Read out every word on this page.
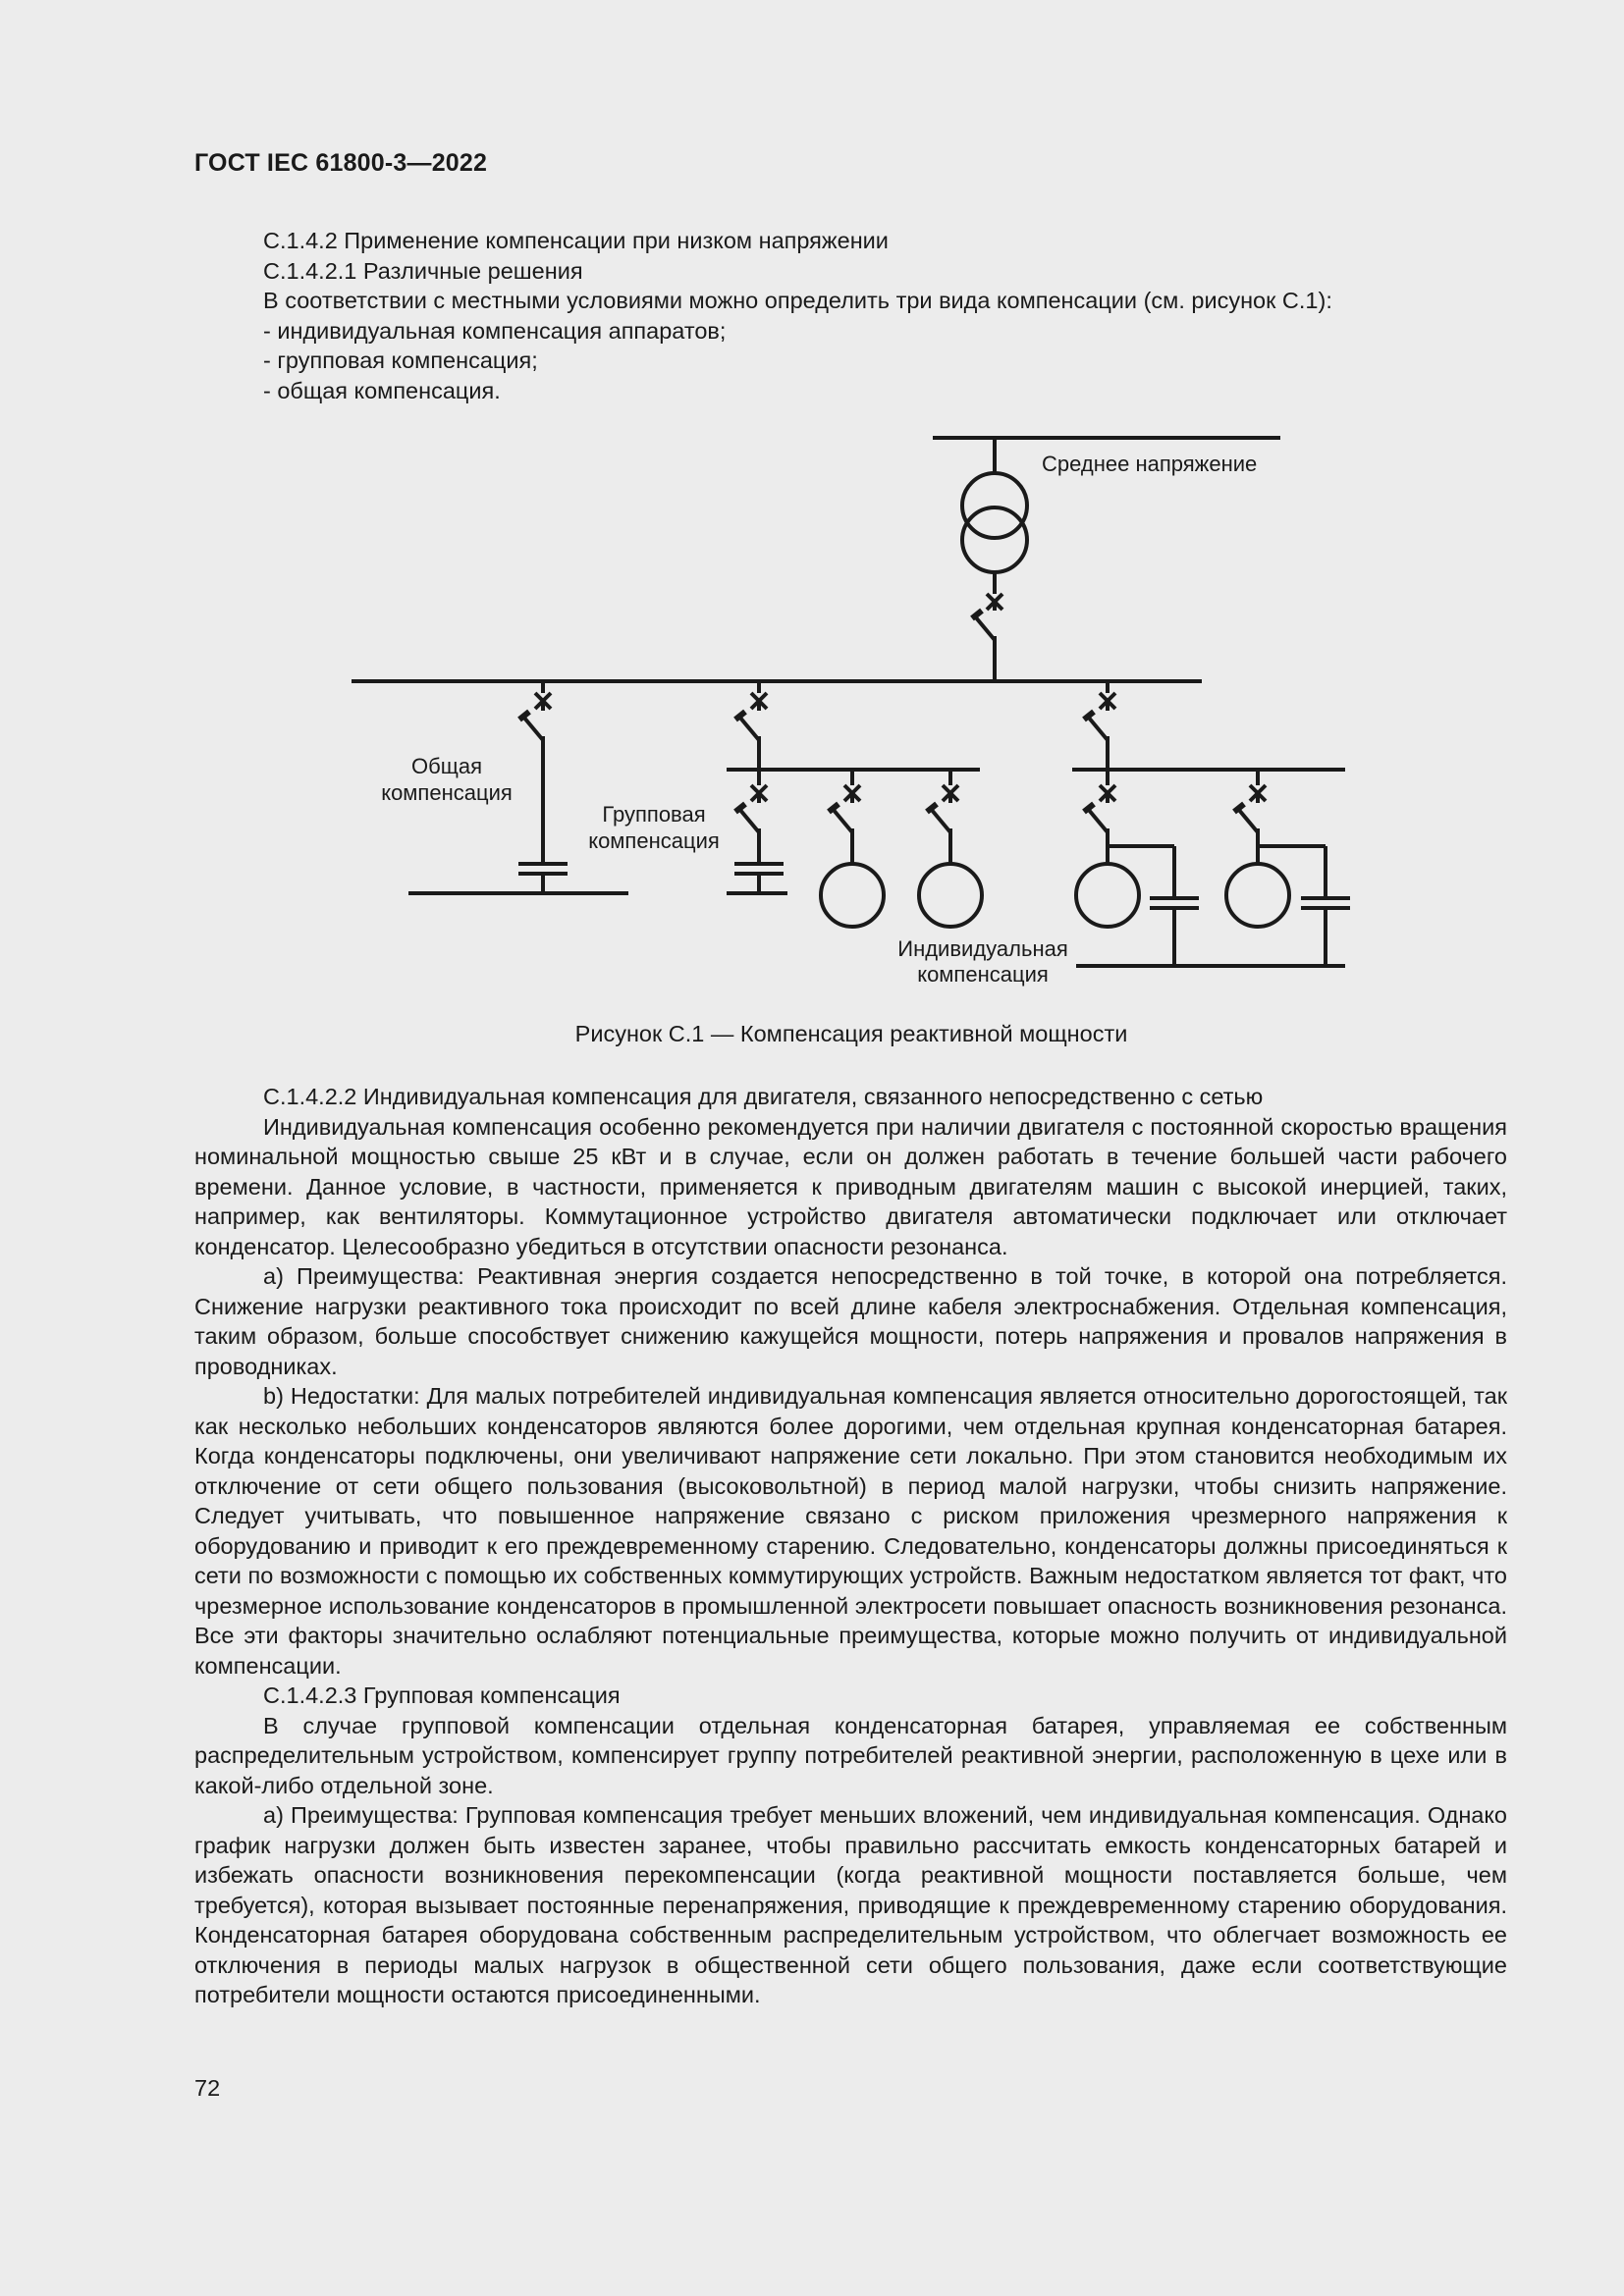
ГОСТ IEC 61800-3—2022
С.1.4.2 Применение компенсации при низком напряжении
С.1.4.2.1 Различные решения
В соответствии с местными условиями можно определить три вида компенсации (см. рисунок С.1):
- индивидуальная компенсация аппаратов;
- групповая компенсация;
- общая компенсация.
Среднее напряжение
Общая
компенсация
Групповая
компенсация
Индивидуальная
компенсация
Рисунок С.1 — Компенсация реактивной мощности

С.1.4.2.2 Индивидуальная компенсация для двигателя, связанного непосредственно с сетью

Индивидуальная компенсация особенно рекомендуется при наличии двигателя с постоянной скоростью вращения номинальной мощностью свыше 25 кВт и в случае, если он должен работать в течение большей части рабочего времени. Данное условие, в частности, применяется к приводным двигателям машин с высокой инерцией, таких, например, как вентиляторы. Коммутационное устройство двигателя автоматически подключает или отключает конденсатор. Целесообразно убедиться в отсутствии опасности резонанса.

a) Преимущества: Реактивная энергия создается непосредственно в той точке, в которой она потребляется. Снижение нагрузки реактивного тока происходит по всей длине кабеля электроснабжения. Отдельная компенсация, таким образом, больше способствует снижению кажущейся мощности, потерь напряжения и провалов напряжения в проводниках.

b) Недостатки: Для малых потребителей индивидуальная компенсация является относительно дорогостоящей, так как несколько небольших конденсаторов являются более дорогими, чем отдельная крупная конденсаторная батарея. Когда конденсаторы подключены, они увеличивают напряжение сети локально. При этом становится необходимым их отключение от сети общего пользования (высоковольтной) в период малой нагрузки, чтобы снизить напряжение. Следует учитывать, что повышенное напряжение связано с риском приложения чрезмерного напряжения к оборудованию и приводит к его преждевременному старению. Следовательно, конденсаторы должны присоединяться к сети по возможности с помощью их собственных коммутирующих устройств. Важным недостатком является тот факт, что чрезмерное использование конденсаторов в промышленной электросети повышает опасность возникновения резонанса. Все эти факторы значительно ослабляют потенциальные преимущества, которые можно получить от индивидуальной компенсации.

С.1.4.2.3 Групповая компенсация

В случае групповой компенсации отдельная конденсаторная батарея, управляемая ее собственным распределительным устройством, компенсирует группу потребителей реактивной энергии, расположенную в цехе или в какой-либо отдельной зоне.

a) Преимущества: Групповая компенсация требует меньших вложений, чем индивидуальная компенсация. Однако график нагрузки должен быть известен заранее, чтобы правильно рассчитать емкость конденсаторных батарей и избежать опасности возникновения перекомпенсации (когда реактивной мощности поставляется больше, чем требуется), которая вызывает постоянные перенапряжения, приводящие к преждевременному старению оборудования. Конденсаторная батарея оборудована собственным распределительным устройством, что облегчает возможность ее отключения в периоды малых нагрузок в общественной сети общего пользования, даже если соответствующие потребители мощности остаются присоединенными.

72
